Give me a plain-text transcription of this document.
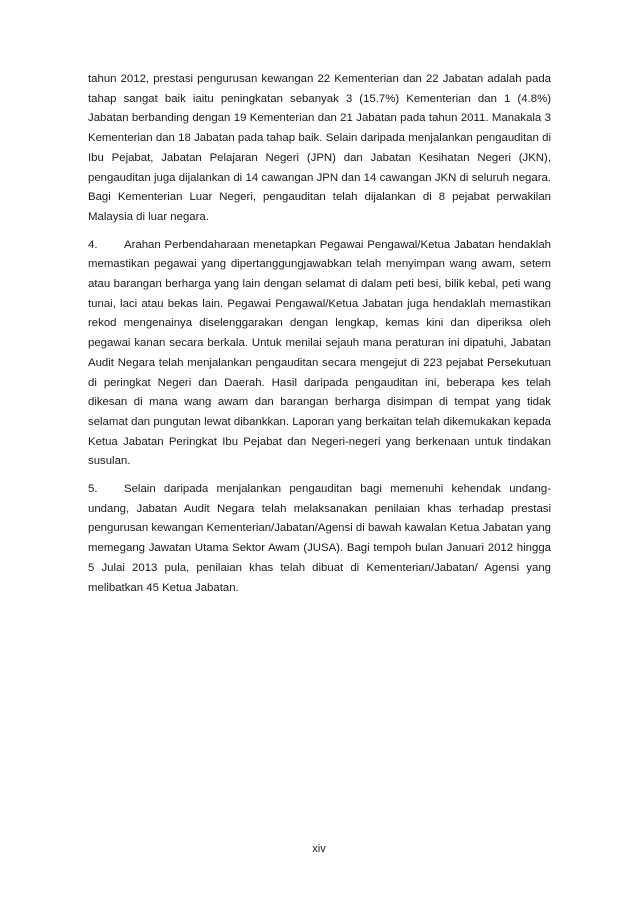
tahun 2012, prestasi pengurusan kewangan 22 Kementerian dan 22 Jabatan adalah pada tahap sangat baik iaitu peningkatan sebanyak 3 (15.7%) Kementerian dan 1 (4.8%) Jabatan berbanding dengan 19 Kementerian dan 21 Jabatan pada tahun 2011. Manakala 3 Kementerian dan 18 Jabatan pada tahap baik. Selain daripada menjalankan pengauditan di Ibu Pejabat, Jabatan Pelajaran Negeri (JPN) dan Jabatan Kesihatan Negeri (JKN), pengauditan juga dijalankan di 14 cawangan JPN dan 14 cawangan JKN di seluruh negara. Bagi Kementerian Luar Negeri, pengauditan telah dijalankan di 8 pejabat perwakilan Malaysia di luar negara.

4. Arahan Perbendaharaan menetapkan Pegawai Pengawal/Ketua Jabatan hendaklah memastikan pegawai yang dipertanggungjawabkan telah menyimpan wang awam, setem atau barangan berharga yang lain dengan selamat di dalam peti besi, bilik kebal, peti wang tunai, laci atau bekas lain. Pegawai Pengawal/Ketua Jabatan juga hendaklah memastikan rekod mengenainya diselenggarakan dengan lengkap, kemas kini dan diperiksa oleh pegawai kanan secara berkala. Untuk menilai sejauh mana peraturan ini dipatuhi, Jabatan Audit Negara telah menjalankan pengauditan secara mengejut di 223 pejabat Persekutuan di peringkat Negeri dan Daerah. Hasil daripada pengauditan ini, beberapa kes telah dikesan di mana wang awam dan barangan berharga disimpan di tempat yang tidak selamat dan pungutan lewat dibankkan. Laporan yang berkaitan telah dikemukakan kepada Ketua Jabatan Peringkat Ibu Pejabat dan Negeri-negeri yang berkenaan untuk tindakan susulan.

5. Selain daripada menjalankan pengauditan bagi memenuhi kehendak undang-undang, Jabatan Audit Negara telah melaksanakan penilaian khas terhadap prestasi pengurusan kewangan Kementerian/Jabatan/Agensi di bawah kawalan Ketua Jabatan yang memegang Jawatan Utama Sektor Awam (JUSA). Bagi tempoh bulan Januari 2012 hingga 5 Julai 2013 pula, penilaian khas telah dibuat di Kementerian/Jabatan/ Agensi yang melibatkan 45 Ketua Jabatan.

xiv
